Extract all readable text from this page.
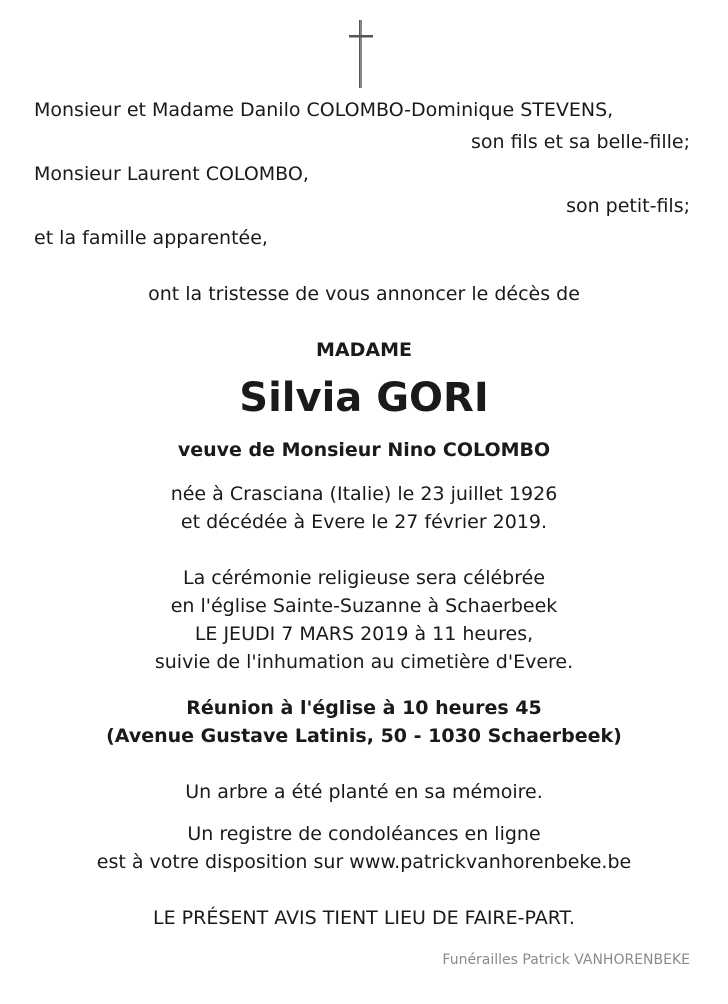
Monsieur et Madame Danilo COLOMBO-Dominique STEVENS,
son fils et sa belle-fille;
Monsieur Laurent COLOMBO,
son petit-fils;
et la famille apparentée,
ont la tristesse de vous annoncer le décès de
MADAME
Silvia GORI
veuve de Monsieur Nino COLOMBO
née à Crasciana (Italie) le 23 juillet 1926
et décédée à Evere le 27 février 2019.
La cérémonie religieuse sera célébrée
en l'église Sainte-Suzanne à Schaerbeek
LE JEUDI 7 MARS 2019 à 11 heures,
suivie de l'inhumation au cimetière d'Evere.
Réunion à l'église à 10 heures 45
(Avenue Gustave Latinis, 50 - 1030 Schaerbeek)
Un arbre a été planté en sa mémoire.
Un registre de condoléances en ligne
est à votre disposition sur www.patrickvanhorenbeke.be
LE PRÉSENT AVIS TIENT LIEU DE FAIRE-PART.
Funérailles Patrick VANHORENBEKE
